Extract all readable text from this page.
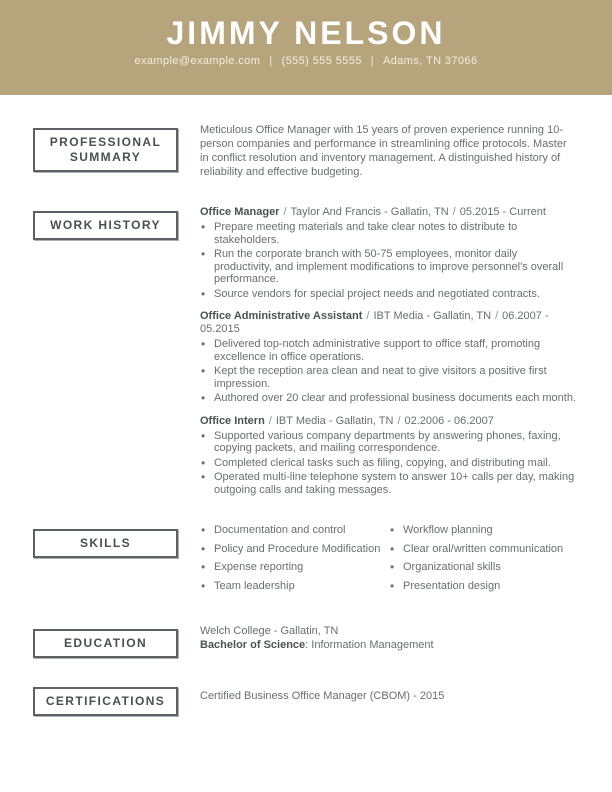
JIMMY NELSON
example@example.com | (555) 555 5555 | Adams, TN 37066
PROFESSIONAL SUMMARY

Meticulous Office Manager with 15 years of proven experience running 10-person companies and performance in streamlining office protocols. Master in conflict resolution and inventory management. A distinguished history of reliability and effective budgeting.

WORK HISTORY
Office Manager / Taylor And Francis - Gallatin, TN / 05.2015 - Current
• Prepare meeting materials and take clear notes to distribute to stakeholders.
• Run the corporate branch with 50-75 employees, monitor daily productivity, and implement modifications to improve personnel's overall performance.
• Source vendors for special project needs and negotiated contracts.
Office Administrative Assistant / IBT Media - Gallatin, TN / 06.2007 - 05.2015
• Delivered top-notch administrative support to office staff, promoting excellence in office operations.
• Kept the reception area clean and neat to give visitors a positive first impression.
• Authored over 20 clear and professional business documents each month.
Office Intern / IBT Media - Gallatin, TN / 02.2006 - 06.2007
• Supported various company departments by answering phones, faxing, copying packets, and mailing correspondence.
• Completed clerical tasks such as filing, copying, and distributing mail.
• Operated multi-line telephone system to answer 10+ calls per day, making outgoing calls and taking messages.
SKILLS
• Documentation and control
• Policy and Procedure Modification
• Expense reporting
• Team leadership
• Workflow planning
• Clear oral/written communication
• Organizational skills
• Presentation design
EDUCATION
Welch College - Gallatin, TN
Bachelor of Science: Information Management
CERTIFICATIONS	Certified Business Office Manager (CBOM) - 2015
